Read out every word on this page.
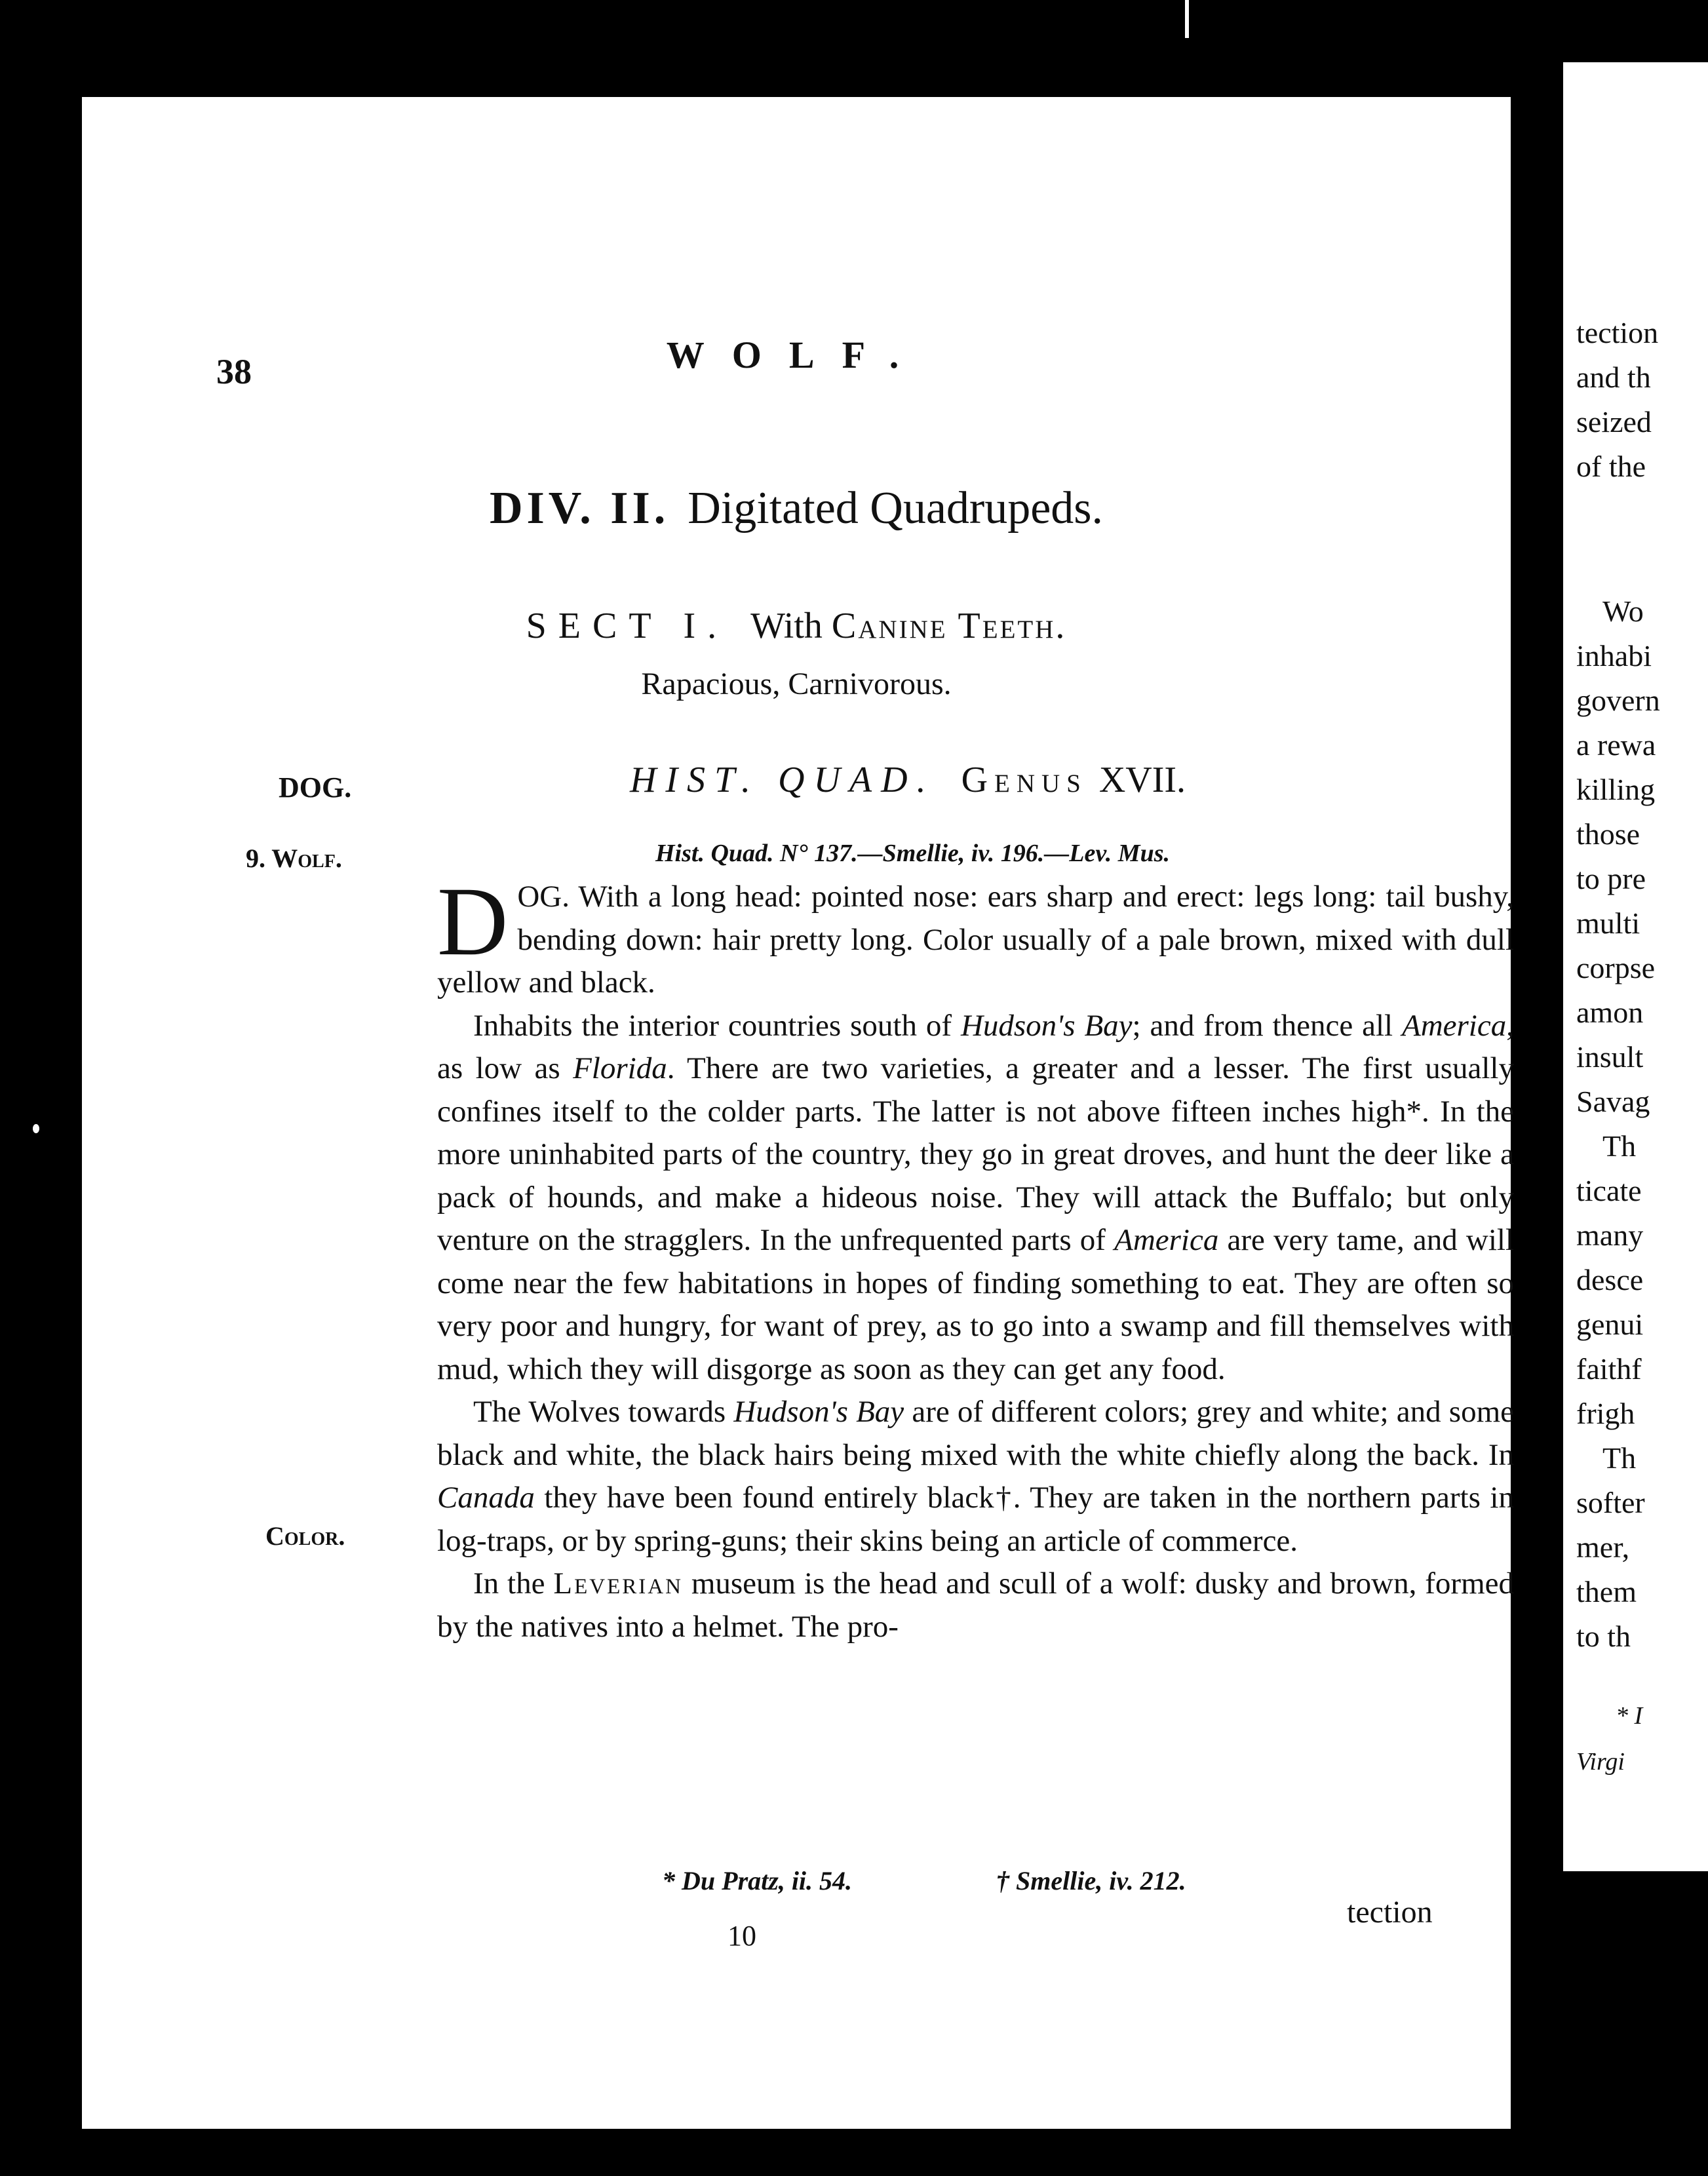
38	WOLF.
DIV. II. Digitated Quadrupeds.
SECT I. With Canine Teeth.
Rapacious, Carnivorous.
HIST. QUAD. Genus XVII.
Hist. Quad. N° 137.—Smellie, iv. 196.—Lev. Mus.
DOG.
9. Wolf.
Color.

DOG. With a long head: pointed nose: ears sharp and erect: legs long: tail bushy, bending down: hair pretty long. Color usually of a pale brown, mixed with dull yellow and black.

Inhabits the interior countries south of Hudson's Bay; and from thence all America, as low as Florida. There are two varieties, a greater and a lesser. The first usually confines itself to the colder parts. The latter is not above fifteen inches high*. In the more uninhabited parts of the country, they go in great droves, and hunt the deer like a pack of hounds, and make a hideous noise. They will attack the Buffalo; but only venture on the stragglers. In the unfrequented parts of America are very tame, and will come near the few habitations in hopes of finding something to eat. They are often so very poor and hungry, for want of prey, as to go into a swamp and fill themselves with mud, which they will disgorge as soon as they can get any food.

The Wolves towards Hudson's Bay are of different colors; grey and white; and some black and white, the black hairs being mixed with the white chiefly along the back. In Canada they have been found entirely black†. They are taken in the northern parts in log-traps, or by spring-guns; their skins being an article of commerce.

In the Leverian museum is the head and scull of a wolf: dusky and brown, formed by the natives into a helmet. The pro-

* Du Pratz, ii. 54.	† Smellie, iv. 212.
10
tection
tection
and th
seized
of the
Wo
inhabi
govern
a rewa
killing
those
to pre
multi
corpse
amon
insult
Savag
Th
ticate
many
desce
genui
faithf
frigh
Th
softer
mer,
them
to th
* I
Virgi
